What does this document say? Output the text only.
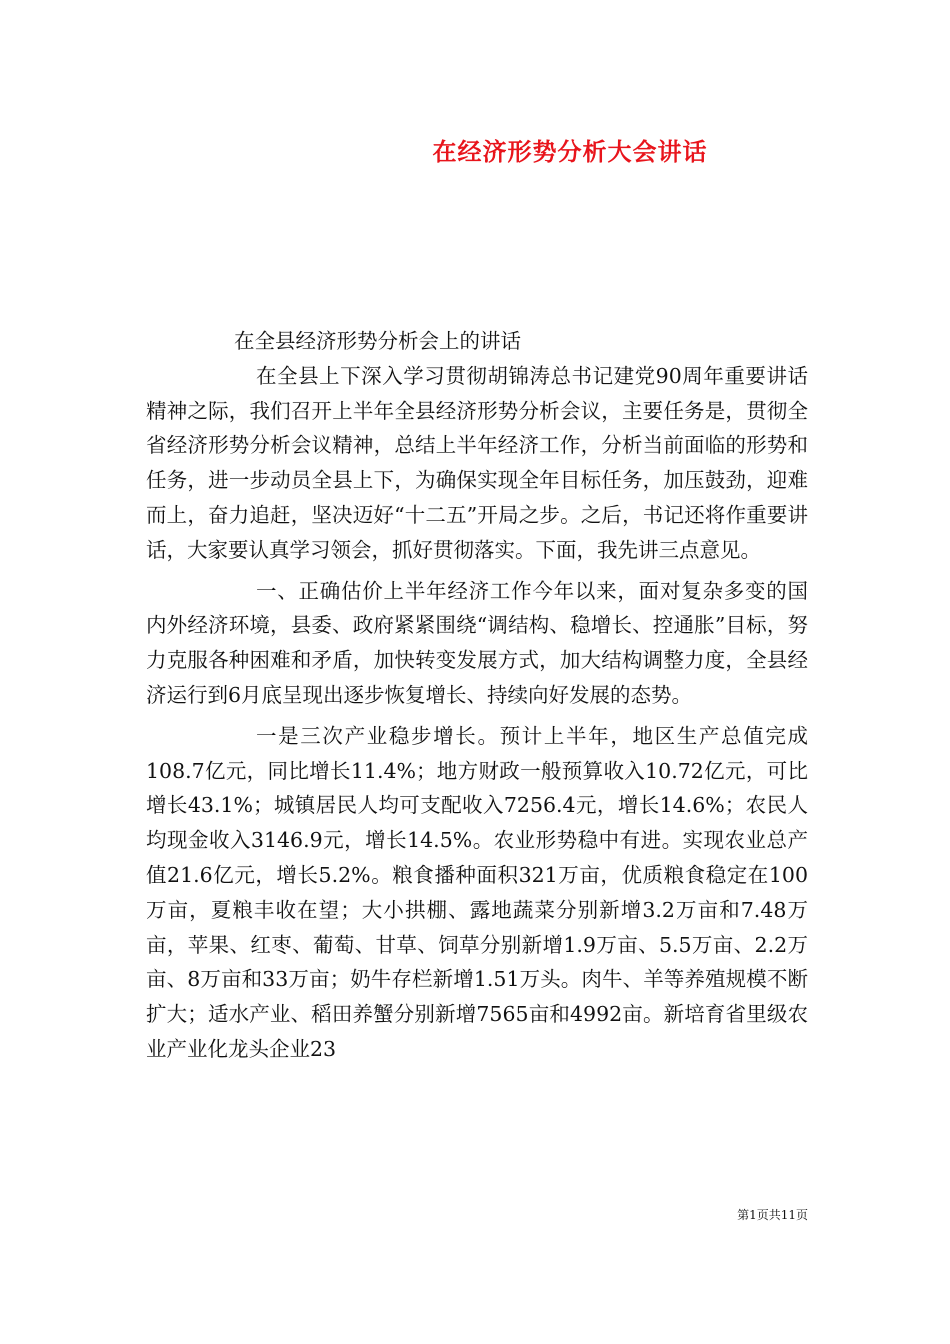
在经济形势分析大会讲话

在全县经济形势分析会上的讲话

在全县上下深入学习贯彻胡锦涛总书记建党90周年重要讲话精神之际，我们召开上半年全县经济形势分析会议，主要任务是，贯彻全省经济形势分析会议精神，总结上半年经济工作，分析当前面临的形势和任务，进一步动员全县上下，为确保实现全年目标任务，加压鼓劲，迎难而上，奋力追赶，坚决迈好“十二五”开局之步。之后，书记还将作重要讲话，大家要认真学习领会，抓好贯彻落实。下面，我先讲三点意见。

一、正确估价上半年经济工作今年以来，面对复杂多变的国内外经济环境，县委、政府紧紧围绕“调结构、稳增长、控通胀”目标，努力克服各种困难和矛盾，加快转变发展方式，加大结构调整力度，全县经济运行到6月底呈现出逐步恢复增长、持续向好发展的态势。

一是三次产业稳步增长。预计上半年，地区生产总值完成108.7亿元，同比增长11.4%；地方财政一般预算收入10.72亿元，可比增长43.1%；城镇居民人均可支配收入7256.4元，增长14.6%；农民人均现金收入3146.9元，增长14.5%。农业形势稳中有进。实现农业总产值21.6亿元，增长5.2%。粮食播种面积321万亩，优质粮食稳定在100万亩，夏粮丰收在望；大小拱棚、露地蔬菜分别新增3.2万亩和7.48万亩，苹果、红枣、葡萄、甘草、饲草分别新增1.9万亩、5.5万亩、2.2万亩、8万亩和33万亩；奶牛存栏新增1.51万头。肉牛、羊等养殖规模不断扩大；适水产业、稻田养蟹分别新增7565亩和4992亩。新培育省里级农业产业化龙头企业23

第1页共11页
